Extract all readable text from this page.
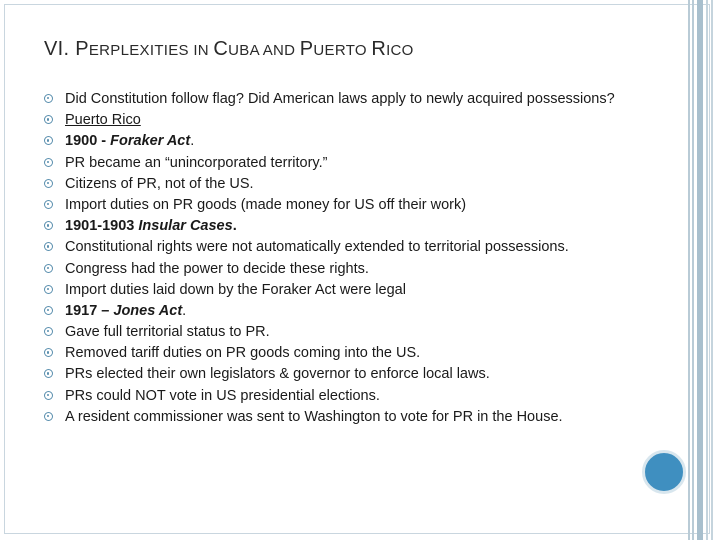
VI. PERPLEXITIES IN CUBA AND PUERTO RICO
Did Constitution follow flag? Did American laws apply to newly acquired possessions?
Puerto Rico
1900 - Foraker Act.
PR became an “unincorporated territory.”
Citizens of PR, not of the US.
Import duties on PR goods (made money for US off their work)
1901-1903 Insular Cases.
Constitutional rights were not automatically extended to territorial possessions.
Congress had the power to decide these rights.
Import duties laid down by the Foraker Act were legal
1917 – Jones Act.
Gave full territorial status to PR.
Removed tariff duties on PR goods coming into the US.
PRs elected their own legislators & governor to enforce local laws.
PRs could NOT vote in US presidential elections.
A resident commissioner was sent to Washington to vote for PR in the House.
